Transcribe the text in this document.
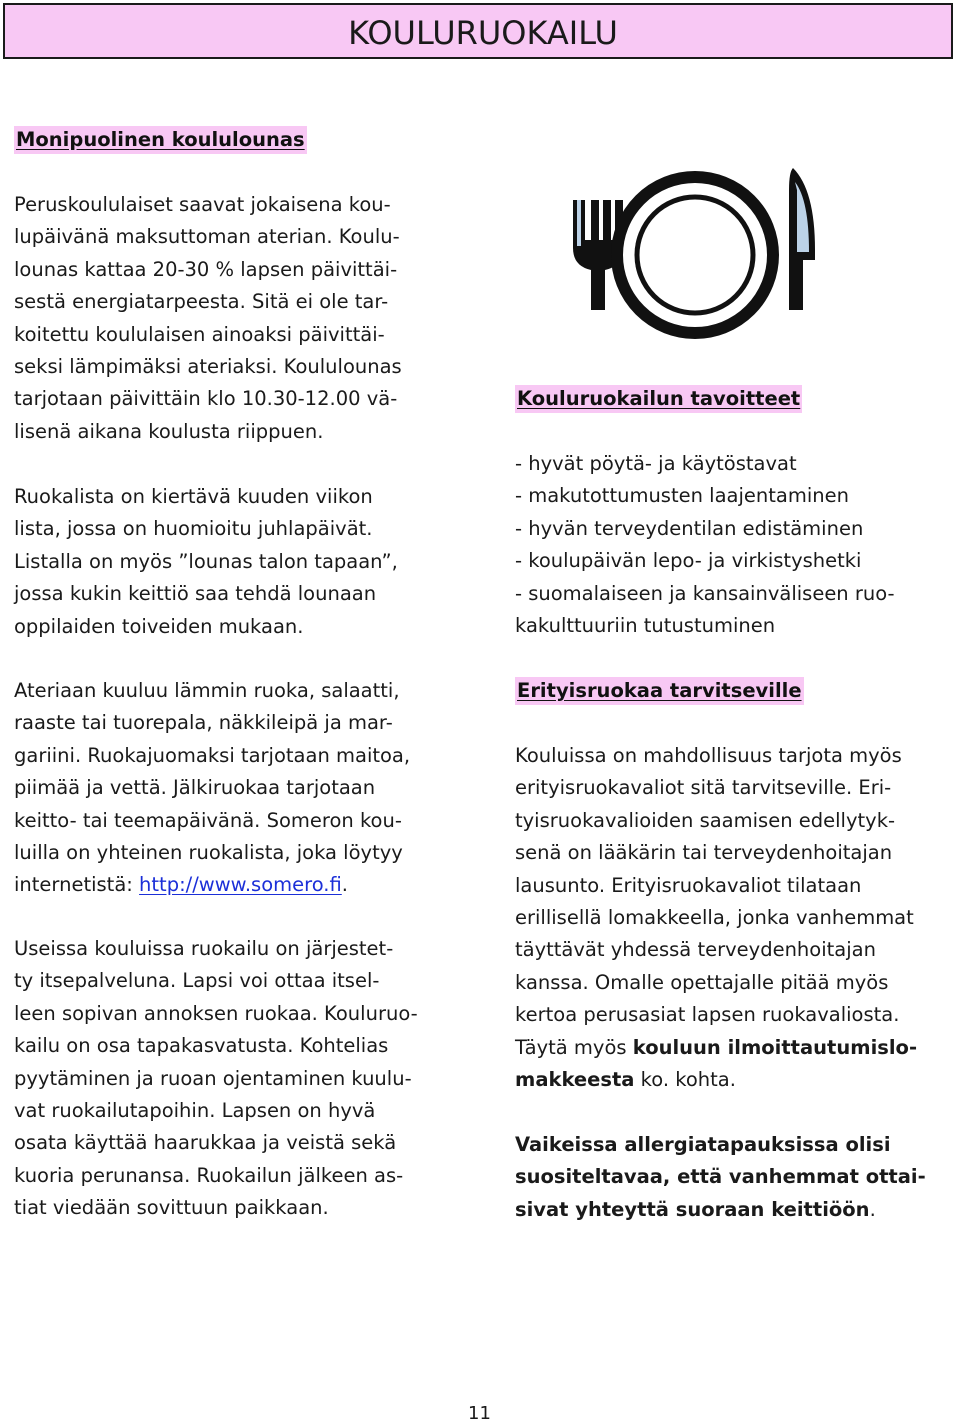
KOULURUOKAILU
Monipuolinen koululounas

Peruskoululaiset saavat jokaisena kou-

lupäivänä maksuttoman aterian. Koulu-

lounas kattaa 20-30 % lapsen päivittäi-

sestä energiatarpeesta. Sitä ei ole tar-

koitettu koululaisen ainoaksi päivittäi-

seksi lämpimäksi ateriaksi. Koululounas

tarjotaan päivittäin klo 10.30-12.00 vä-

lisenä aikana koulusta riippuen.

Ruokalista on kiertävä kuuden viikon

lista, jossa on huomioitu juhlapäivät.

Listalla on myös ”lounas talon tapaan”,

jossa kukin keittiö saa tehdä lounaan

oppilaiden toiveiden mukaan.

Ateriaan kuuluu lämmin ruoka, salaatti,

raaste tai tuorepala, näkkileipä ja mar-

gariini. Ruokajuomaksi tarjotaan maitoa,

piimää ja vettä. Jälkiruokaa tarjotaan

keitto- tai teemapäivänä. Someron kou-

luilla on yhteinen ruokalista, joka löytyy

internetistä: http://www.somero.fi.

Useissa kouluissa ruokailu on järjestet-

ty itsepalveluna. Lapsi voi ottaa itsel-

leen sopivan annoksen ruokaa. Kouluruo-

kailu on osa tapakasvatusta. Kohtelias

pyytäminen ja ruoan ojentaminen kuulu-

vat ruokailutapoihin. Lapsen on hyvä

osata käyttää haarukkaa ja veistä sekä

kuoria perunansa. Ruokailun jälkeen as-

tiat viedään sovittuun paikkaan.

Kouluruokailun tavoitteet

- hyvät pöytä- ja käytöstavat

- makutottumusten laajentaminen

- hyvän terveydentilan edistäminen

- koulupäivän lepo- ja virkistyshetki

- suomalaiseen ja kansainväliseen ruo-

kakulttuuriin tutustuminen

Erityisruokaa tarvitseville

Kouluissa on mahdollisuus tarjota myös

erityisruokavaliot sitä tarvitseville. Eri-

tyisruokavalioiden saamisen edellytyk-

senä on lääkärin tai terveydenhoitajan

lausunto. Erityisruokavaliot tilataan

erillisellä lomakkeella, jonka vanhemmat

täyttävät yhdessä terveydenhoitajan

kanssa. Omalle opettajalle pitää myös

kertoa perusasiat lapsen ruokavaliosta.

Täytä myös kouluun ilmoittautumislo-

makkeesta ko. kohta.

Vaikeissa allergiatapauksissa olisi

suositeltavaa, että vanhemmat ottai-

sivat yhteyttä suoraan keittiöön.

11
